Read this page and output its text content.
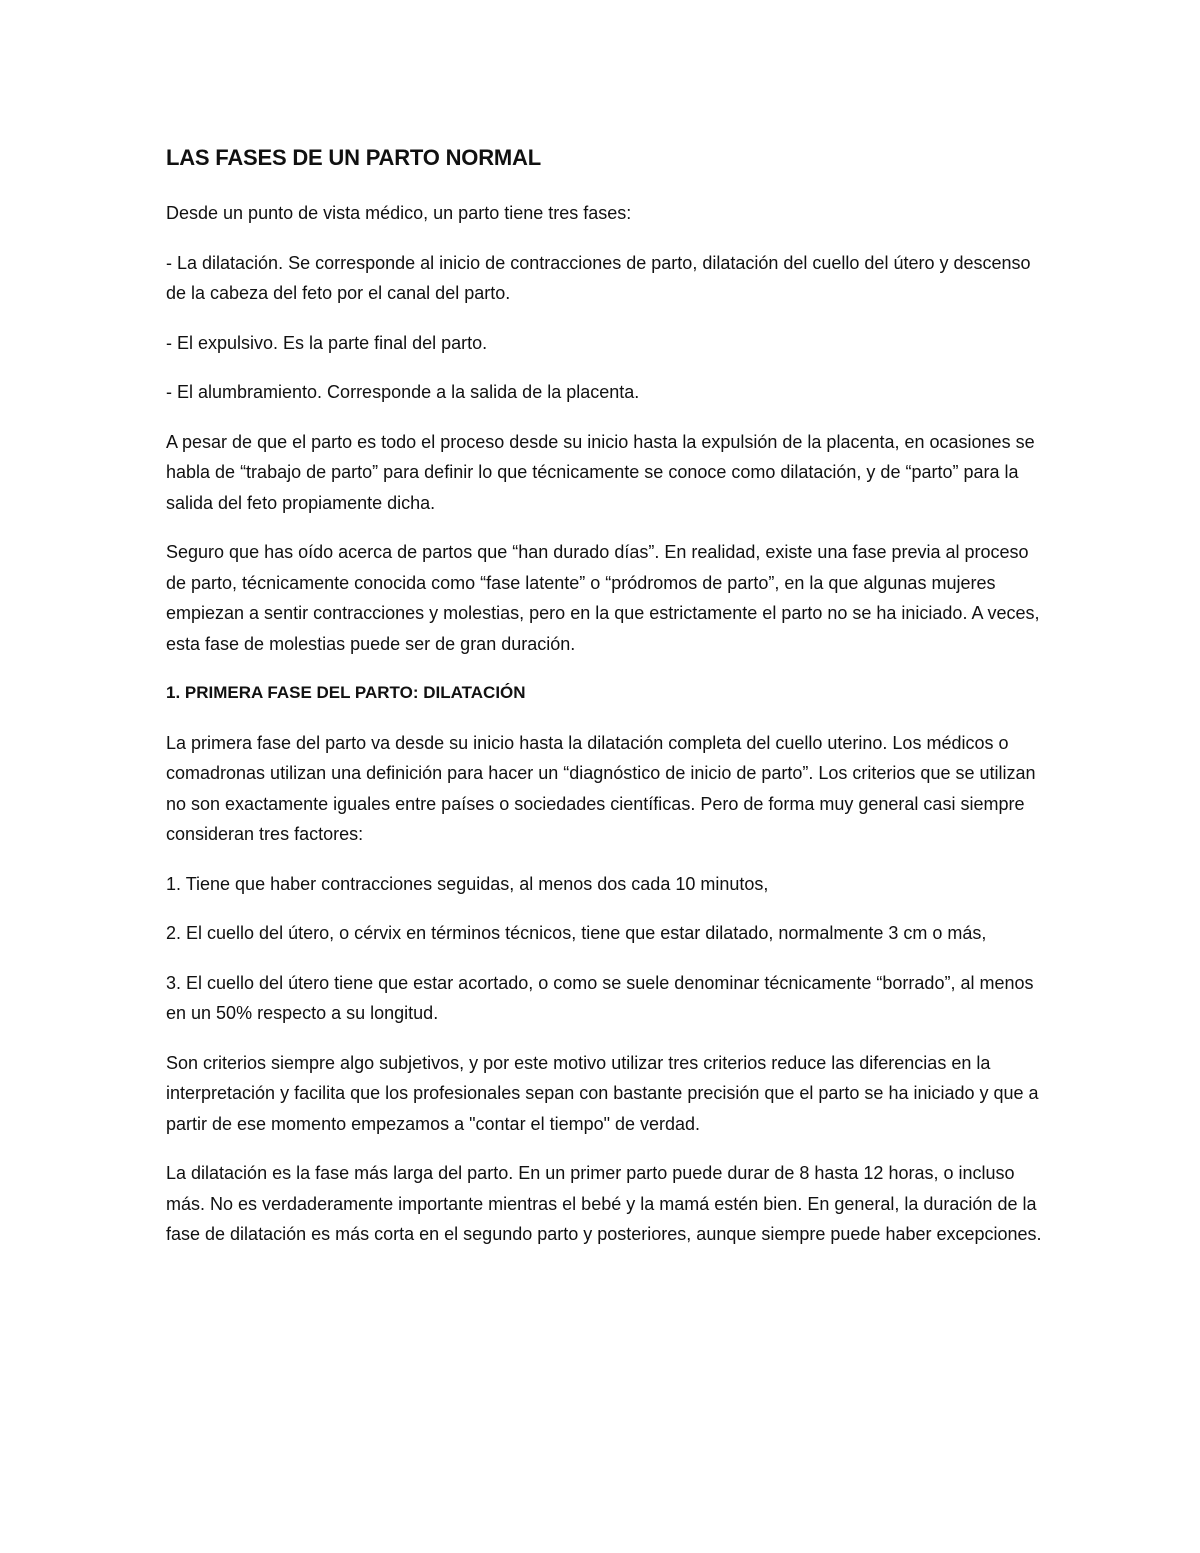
LAS FASES DE UN PARTO NORMAL

Desde un punto de vista médico, un parto tiene tres fases:

- La dilatación. Se corresponde al inicio de contracciones de parto, dilatación del cuello del útero y descenso de la cabeza del feto por el canal del parto.

- El expulsivo. Es la parte final del parto.

- El alumbramiento. Corresponde a la salida de la placenta.

A pesar de que el parto es todo el proceso desde su inicio hasta la expulsión de la placenta, en ocasiones se habla de “trabajo de parto” para definir lo que técnicamente se conoce como dilatación, y de “parto” para la salida del feto propiamente dicha.

Seguro que has oído acerca de partos que “han durado días”. En realidad, existe una fase previa al proceso de parto, técnicamente conocida como “fase latente” o “pródromos de parto”, en la que algunas mujeres empiezan a sentir contracciones y molestias, pero en la que estrictamente el parto no se ha iniciado. A veces, esta fase de molestias puede ser de gran duración.

1. PRIMERA FASE DEL PARTO: DILATACIÓN

La primera fase del parto va desde su inicio hasta la dilatación completa del cuello uterino. Los médicos o comadronas utilizan una definición para hacer un “diagnóstico de inicio de parto”. Los criterios que se utilizan no son exactamente iguales entre países o sociedades científicas. Pero de forma muy general casi siempre consideran tres factores:

1. Tiene que haber contracciones seguidas, al menos dos cada 10 minutos,

2. El cuello del útero, o cérvix en términos técnicos, tiene que estar dilatado, normalmente 3 cm o más,

3. El cuello del útero tiene que estar acortado, o como se suele denominar técnicamente “borrado”, al menos en un 50% respecto a su longitud.

Son criterios siempre algo subjetivos, y por este motivo utilizar tres criterios reduce las diferencias en la interpretación y facilita que los profesionales sepan con bastante precisión que el parto se ha iniciado y que a partir de ese momento empezamos a "contar el tiempo" de verdad.

La dilatación es la fase más larga del parto. En un primer parto puede durar de 8 hasta 12 horas, o incluso más. No es verdaderamente importante mientras el bebé y la mamá estén bien. En general, la duración de la fase de dilatación es más corta en el segundo parto y posteriores, aunque siempre puede haber excepciones.
